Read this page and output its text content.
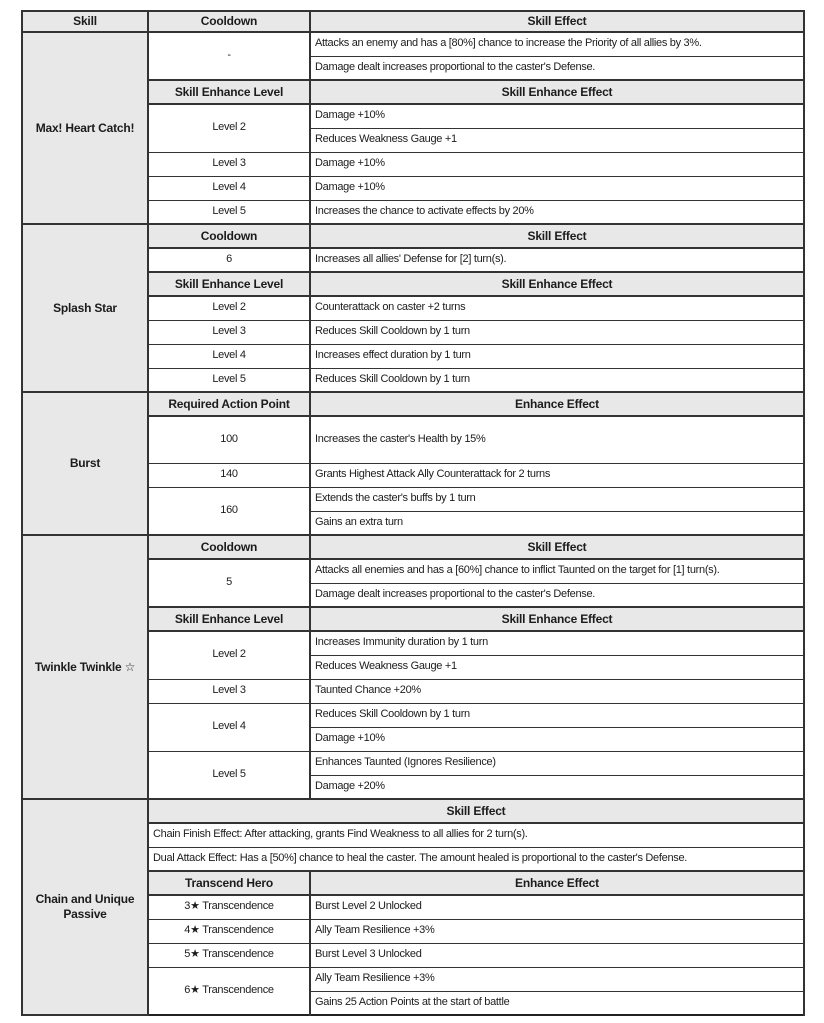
Skill	Cooldown	Skill Effect
Max! Heart Catch!	-	Attacks an enemy and has a [80%] chance to increase the Priority of all allies by 3%.
		Damage dealt increases proportional to the caster's Defense.
	Skill Enhance Level	Skill Enhance Effect
	Level 2	Damage +10%
		Reduces Weakness Gauge +1
	Level 3	Damage +10%
	Level 4	Damage +10%
	Level 5	Increases the chance to activate effects by 20%
Splash Star	Cooldown	Skill Effect
	6	Increases all allies' Defense for [2] turn(s).
	Skill Enhance Level	Skill Enhance Effect
	Level 2	Counterattack on caster +2 turns
	Level 3	Reduces Skill Cooldown by 1 turn
	Level 4	Increases effect duration by 1 turn
	Level 5	Reduces Skill Cooldown by 1 turn
Burst	Required Action Point	Enhance Effect
	100	Increases the caster's Health by 15%
	140	Grants Highest Attack Ally Counterattack for 2 turns
	160	Extends the caster's buffs by 1 turn
		Gains an extra turn
Twinkle Twinkle ☆	Cooldown	Skill Effect
	5	Attacks all enemies and has a [60%] chance to inflict Taunted on the target for [1] turn(s).
		Damage dealt increases proportional to the caster's Defense.
	Skill Enhance Level	Skill Enhance Effect
	Level 2	Increases Immunity duration by 1 turn
		Reduces Weakness Gauge +1
	Level 3	Taunted Chance +20%
	Level 4	Reduces Skill Cooldown by 1 turn
		Damage +10%
	Level 5	Enhances Taunted (Ignores Resilience)
		Damage +20%
Chain and Unique Passive	Skill Effect	
	Chain Finish Effect: After attacking, grants Find Weakness to all allies for 2 turn(s).	
	Dual Attack Effect: Has a [50%] chance to heal the caster. The amount healed is proportional to the caster's Defense.	
	Transcend Hero	Enhance Effect
	3★ Transcendence	Burst Level 2 Unlocked
	4★ Transcendence	Ally Team Resilience +3%
	5★ Transcendence	Burst Level 3 Unlocked
	6★ Transcendence	Ally Team Resilience +3%
		Gains 25 Action Points at the start of battle
